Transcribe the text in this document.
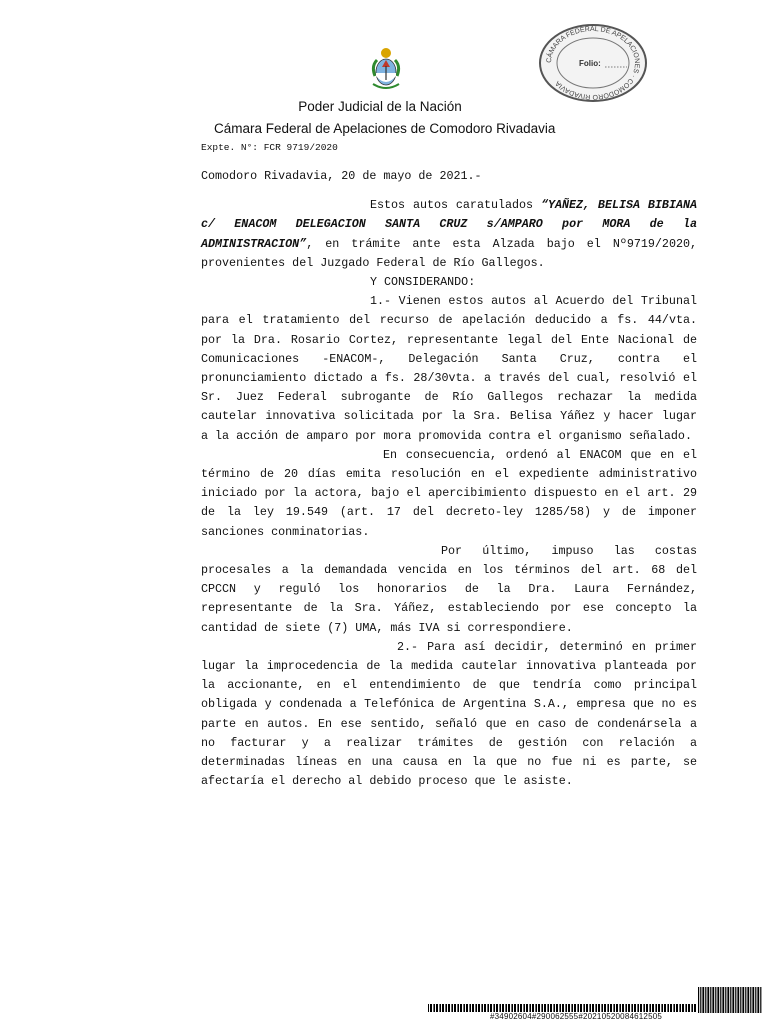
CÁMARA FEDERAL DE APELACIONES · COMODORO RIVADAVIA
Folio:
Poder Judicial de la Nación
Cámara Federal de Apelaciones de Comodoro Rivadavia
Expte. N°: FCR 9719/2020

Comodoro Rivadavia, 20 de mayo de 2021.-

Estos autos caratulados “YAÑEZ, BELISA BIBIANA c/ ENACOM DELEGACION SANTA CRUZ s/AMPARO por MORA de la ADMINISTRACION”, en trámite ante esta Alzada bajo el Nº9719/2020, provenientes del Juzgado Federal de Río Gallegos.

Y CONSIDERANDO:

1.- Vienen estos autos al Acuerdo del Tribunal para el tratamiento del recurso de apelación deducido a fs. 44/vta. por la Dra. Rosario Cortez, representante legal del Ente Nacional de Comunicaciones -ENACOM-, Delegación Santa Cruz, contra el pronunciamiento dictado a fs. 28/30vta. a través del cual, resolvió el Sr. Juez Federal subrogante de Río Gallegos rechazar la medida cautelar innovativa solicitada por la Sra. Belisa Yáñez y hacer lugar a la acción de amparo por mora promovida contra el organismo señalado.

En consecuencia, ordenó al ENACOM que en el término de 20 días emita resolución en el expediente administrativo iniciado por la actora, bajo el apercibimiento dispuesto en el art. 29 de la ley 19.549 (art. 17 del decreto-ley 1285/58) y de imponer sanciones conminatorias.

Por último, impuso las costas procesales a la demandada vencida en los términos del art. 68 del CPCCN y reguló los honorarios de la Dra. Laura Fernández, representante de la Sra. Yáñez, estableciendo por ese concepto la cantidad de siete (7) UMA, más IVA si correspondiere.

2.- Para así decidir, determinó en primer lugar la improcedencia de la medida cautelar innovativa planteada por la accionante, en el entendimiento de que tendría como principal obligada y condenada a Telefónica de Argentina S.A., empresa que no es parte en autos. En ese sentido, señaló que en caso de condenársela a no facturar y a realizar trámites de gestión con relación a determinadas líneas en una causa en la que no fue ni es parte, se afectaría el derecho al debido proceso que le asiste.

#34902604#290062555#20210520084612505
